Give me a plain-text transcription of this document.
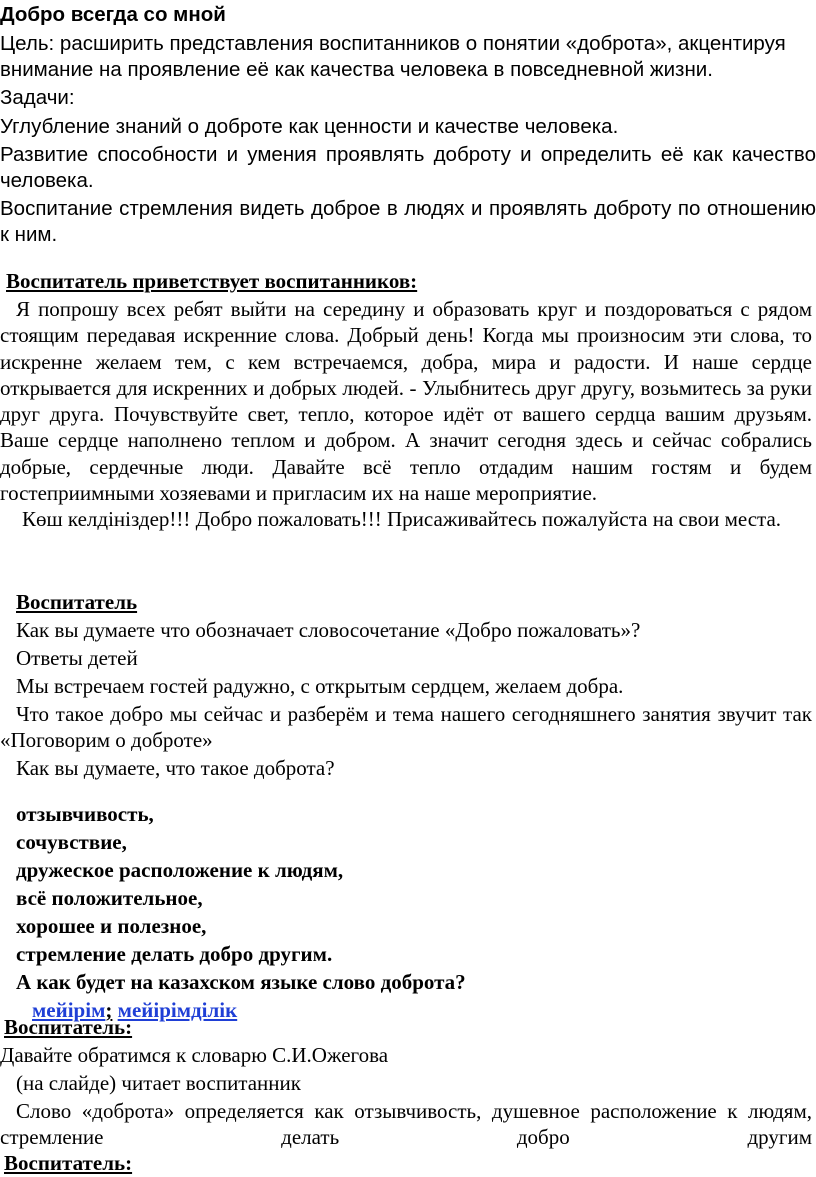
Добро всегда со мной

Цель: расширить представления воспитанников о понятии «доброта», акцентируя внимание на проявление её как качества человека в повседневной жизни.

Задачи:

Углубление знаний о доброте как ценности и качестве человека.

Развитие способности и умения проявлять доброту и определить её как качество человека.

Воспитание стремления видеть доброе в людях и проявлять доброту по отношению к ним.

Воспитатель приветствует воспитанников:

Я попрошу всех ребят выйти на середину и образовать круг и поздороваться с рядом стоящим передавая искренние слова. Добрый день! Когда мы произносим эти слова, то искренне желаем тем, с кем встречаемся, добра, мира и радости. И наше сердце открывается для искренних и добрых людей. - Улыбнитесь друг другу, возьмитесь за руки друг друга. Почувствуйте свет, тепло, которое идёт от вашего сердца вашим друзьям. Ваше сердце наполнено теплом и добром. А значит сегодня здесь и сейчас собрались добрые, сердечные люди. Давайте всё тепло отдадим нашим гостям и будем гостеприимными хозяевами и пригласим их на наше мероприятие.

Көш келдініздер!!! Добро пожаловать!!! Присаживайтесь пожалуйста на свои места.

Воспитатель

Как вы думаете что обозначает словосочетание «Добро пожаловать»?

Ответы детей

Мы встречаем гостей радужно, с открытым сердцем, желаем добра.

Что такое добро мы сейчас и разберём и тема нашего сегодняшнего занятия звучит так «Поговорим о доброте»

Как вы думаете, что такое доброта?

отзывчивость,

сочувствие,

дружеское расположение к людям,

всё положительное,

хорошее и полезное,

стремление делать добро другим.

А как будет на казахском языке слово доброта?

мейірім; мейірімділік

Воспитатель:

Давайте обратимся к словарю С.И.Ожегова

(на слайде) читает воспитанник

Слово «доброта» определяется как отзывчивость, душевное расположение к людям, стремление делать добро другим

Воспитатель:
